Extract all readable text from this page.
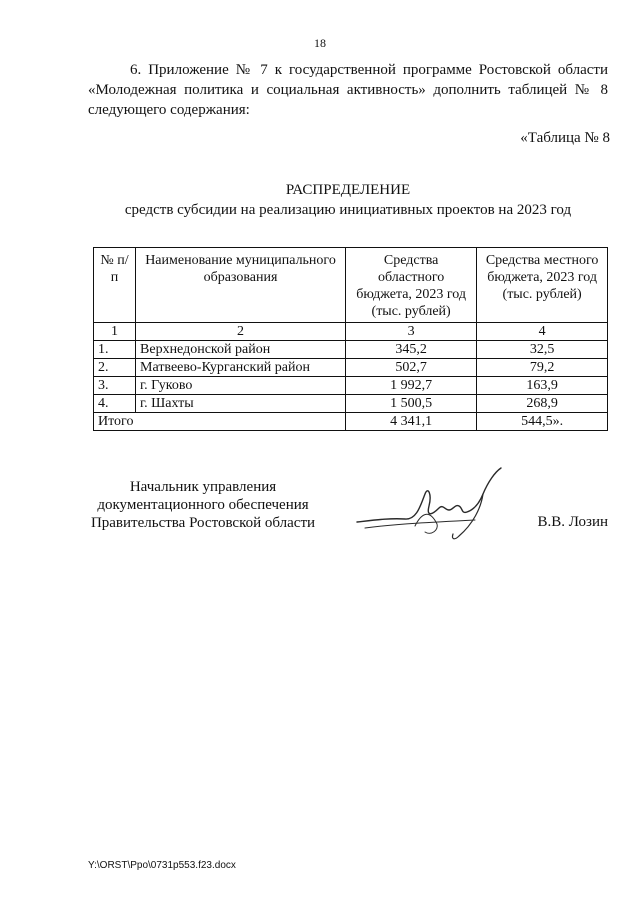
18

6. Приложение № 7 к государственной программе Ростовской области «Молодежная политика и социальная активность» дополнить таблицей № 8 следующего содержания:

«Таблица № 8
РАСПРЕДЕЛЕНИЕ
средств субсидии на реализацию инициативных проектов на 2023 год
№ п/п	Наименование муниципального образования	Средства областного бюджета, 2023 год (тыс. рублей)	Средства местного бюджета, 2023 год (тыс. рублей)
1	2	3	4
1.	Верхнедонской район	345,2	32,5
2.	Матвеево-Курганский район	502,7	79,2
3.	г. Гуково	1 992,7	163,9
4.	г. Шахты	1 500,5	268,9
Итого		4 341,1	544,5».
Начальник управления
документационного обеспечения
Правительства Ростовской области	В.В. Лозин
Y:\ORST\Ppo\0731p553.f23.docx
